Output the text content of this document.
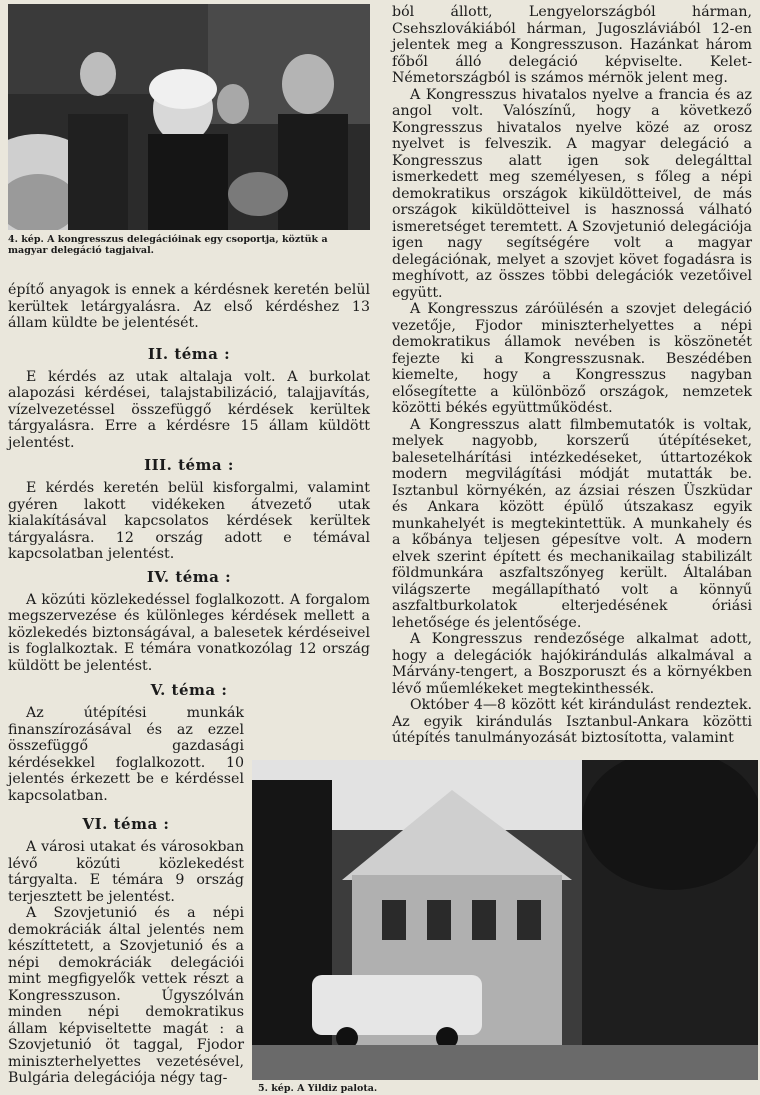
4. kép. A kongresszus delegációinak egy csoportja, köztük a magyar delegáció tagjaival.

építő anyagok is ennek a kérdésnek keretén belül kerültek letárgyalásra. Az első kérdéshez 13 állam küldte be jelentését.

II. téma :

E kérdés az utak altalaja volt. A burkolat alapozási kérdései, talajstabilizáció, talajjavítás, vízelvezetéssel összefüggő kérdések kerültek tárgyalásra. Erre a kérdésre 15 állam küldött jelentést.

III. téma :

E kérdés keretén belül kisforgalmi, valamint gyéren lakott vidékeken átvezető utak kialakításával kapcsolatos kérdések kerültek tárgyalásra. 12 ország adott e témával kapcsolatban jelentést.

IV. téma :

A közúti közlekedéssel foglalkozott. A forgalom megszervezése és különleges kérdések mellett a közlekedés biztonságával, a balesetek kérdéseivel is foglalkoztak. E témára vonatkozólag 12 ország küldött be jelentést.

V. téma :

Az útépítési munkák finanszírozásával és az ezzel összefüggő gazdasági kérdésekkel foglalkozott. 10 jelentés érkezett be e kérdéssel kapcsolatban.

VI. téma :

A városi utakat és városokban lévő közúti közlekedést tárgyalta. E témára 9 ország terjesztett be jelentést.

A Szovjetunió és a népi demokráciák által jelentés nem készíttetett, a Szovjetunió és a népi demokráciák delegációi mint megfigyelők vettek részt a Kongresszuson. Úgyszólván minden népi demokratikus állam képviseltette magát : a Szovjetunió öt taggal, Fjodor miniszterhelyettes vezetésével, Bulgária delegációja négy tag-

ból állott, Lengyelországból hárman, Csehszlovákiából hárman, Jugoszláviából 12-en jelentek meg a Kongresszuson. Hazánkat három főből álló delegáció képviselte. Kelet-Németországból is számos mérnök jelent meg.

A Kongresszus hivatalos nyelve a francia és az angol volt. Valószínű, hogy a következő Kongresszus hivatalos nyelve közé az orosz nyelvet is felveszik. A magyar delegáció a Kongresszus alatt igen sok delegálttal ismerkedett meg személyesen, s főleg a népi demokratikus országok kiküldötteivel, de más országok kiküldötteivel is hasznossá válható ismeretséget teremtett. A Szovjetunió delegációja igen nagy segítségére volt a magyar delegációnak, melyet a szovjet követ fogadásra is meghívott, az összes többi delegációk vezetőivel együtt.

A Kongresszus záróülésén a szovjet delegáció vezetője, Fjodor miniszterhelyettes a népi demokratikus államok nevében is köszönetét fejezte ki a Kongresszusnak. Beszédében kiemelte, hogy a Kongresszus nagyban elősegítette a különböző országok, nemzetek közötti békés együttműködést.

A Kongresszus alatt filmbemutatók is voltak, melyek nagyobb, korszerű útépítéseket, balesetelhárítási intézkedéseket, úttartozékok modern megvilágítási módját mutatták be. Isztanbul környékén, az ázsiai részen Üszküdar és Ankara között épülő útszakasz egyik munkahelyét is megtekintettük. A munkahely és a kőbánya teljesen gépesítve volt. A modern elvek szerint épített és mechanikailag stabilizált földmunkára aszfaltszőnyeg került. Általában világszerte megállapítható volt a könnyű aszfaltburkolatok elterjedésének óriási lehetősége és jelentősége.

A Kongresszus rendezősége alkalmat adott, hogy a delegációk hajókirándulás alkalmával a Márvány-tengert, a Boszporuszt és a környékben lévő műemlékeket megtekinthessék.

Október 4—8 között két kirándulást rendeztek. Az egyik kirándulás Isztanbul-Ankara közötti útépítés tanulmányozását biztosította, valamint

5. kép. A Yildiz palota.
